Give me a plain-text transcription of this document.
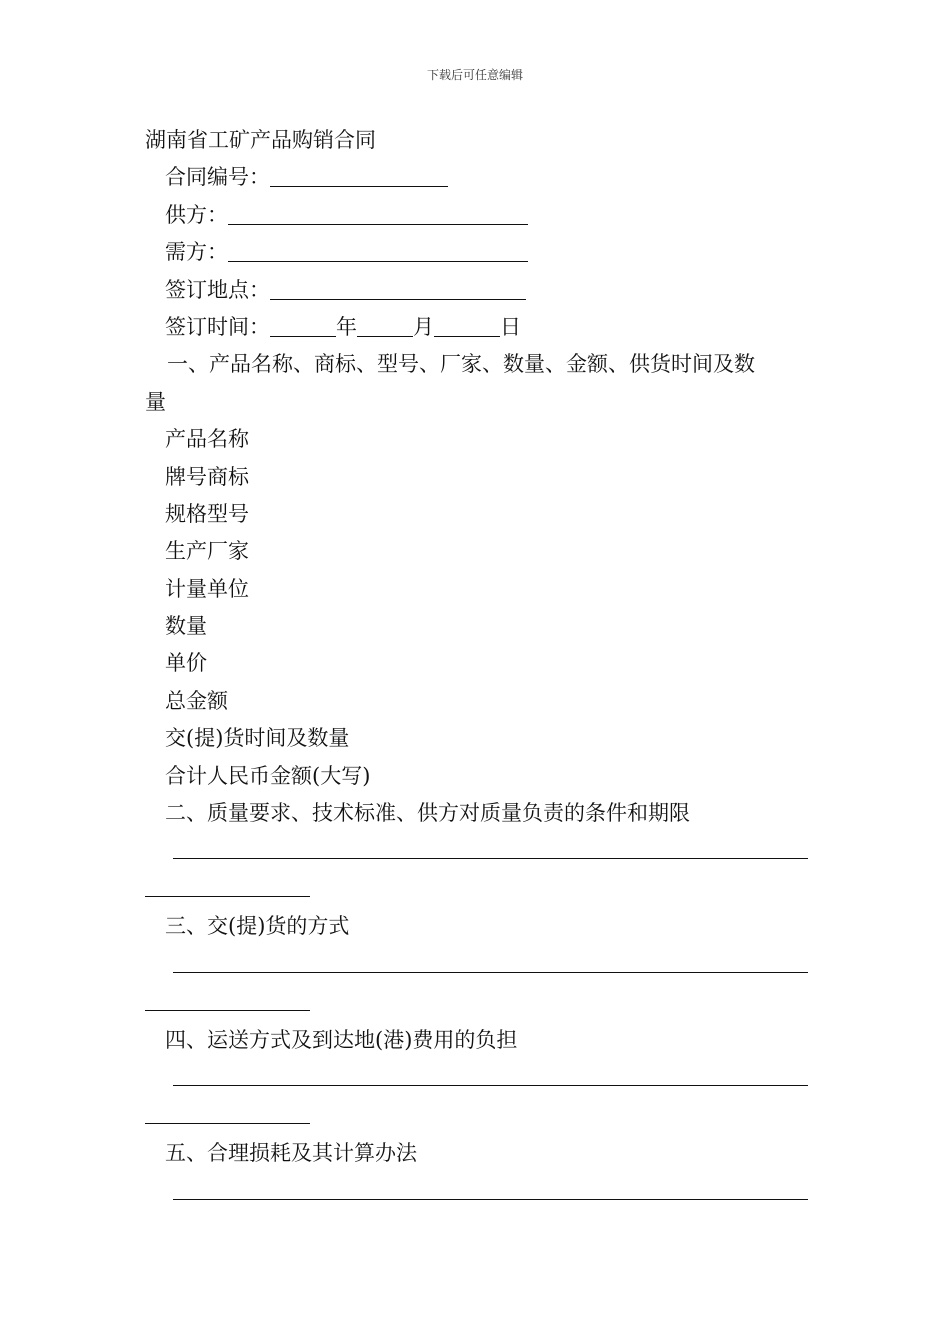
下载后可任意编辑
湖南省工矿产品购销合同
合同编号：
供方：
需方：
签订地点：
签订时间：	年	月	日
一、产品名称、商标、型号、厂家、数量、金额、供货时间及数
量
产品名称
牌号商标
规格型号
生产厂家
计量单位
数量
单价
总金额
交(提)货时间及数量
合计人民币金额(大写)
二、质量要求、技术标准、供方对质量负责的条件和期限
三、交(提)货的方式
四、运送方式及到达地(港)费用的负担
五、合理损耗及其计算办法
